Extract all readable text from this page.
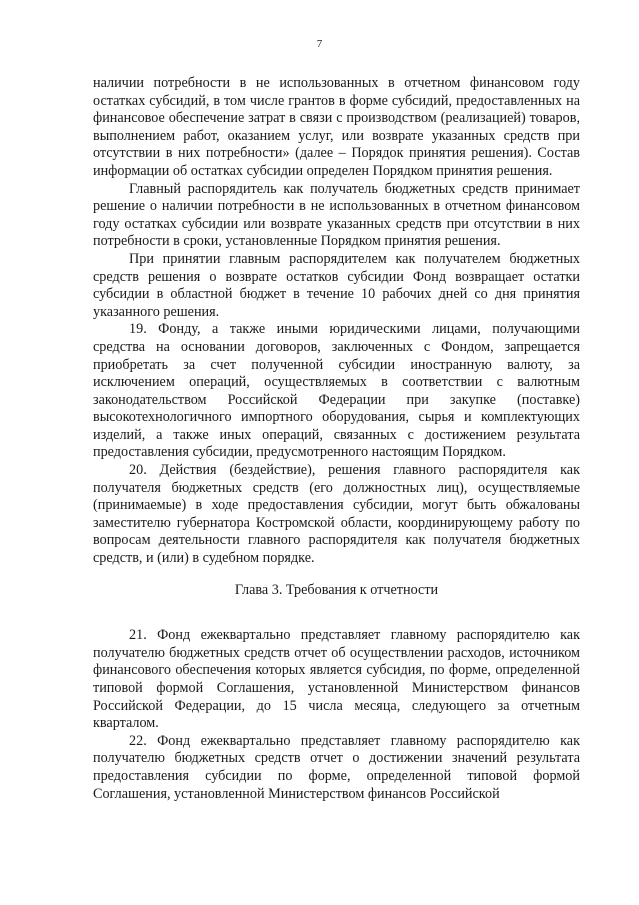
7

наличии потребности в не использованных в отчетном финансовом году остатках субсидий, в том числе грантов в форме субсидий, предоставленных на финансовое обеспечение затрат в связи с производством (реализацией) товаров, выполнением работ, оказанием услуг, или возврате указанных средств при отсутствии в них потребности» (далее – Порядок принятия решения). Состав информации об остатках субсидии определен Порядком принятия решения.

Главный распорядитель как получатель бюджетных средств принимает решение о наличии потребности в не использованных в отчетном финансовом году остатках субсидии или возврате указанных средств при отсутствии в них потребности в сроки, установленные Порядком принятия решения.

При принятии главным распорядителем как получателем бюджетных средств решения о возврате остатков субсидии Фонд возвращает остатки субсидии в областной бюджет в течение 10 рабочих дней со дня принятия указанного решения.

19. Фонду, а также иными юридическими лицами, получающими средства на основании договоров, заключенных с Фондом, запрещается приобретать за счет полученной субсидии иностранную валюту, за исключением операций, осуществляемых в соответствии с валютным законодательством Российской Федерации при закупке (поставке) высокотехнологичного импортного оборудования, сырья и комплектующих изделий, а также иных операций, связанных с достижением результата предоставления субсидии, предусмотренного настоящим Порядком.

20. Действия (бездействие), решения главного распорядителя как получателя бюджетных средств (его должностных лиц), осуществляемые (принимаемые) в ходе предоставления субсидии, могут быть обжалованы заместителю губернатора Костромской области, координирующему работу по вопросам деятельности главного распорядителя как получателя бюджетных средств, и (или) в судебном порядке.

Глава 3. Требования к отчетности

21. Фонд ежеквартально представляет главному распорядителю как получателю бюджетных средств отчет об осуществлении расходов, источником финансового обеспечения которых является субсидия, по форме, определенной типовой формой Соглашения, установленной Министерством финансов Российской Федерации, до 15 числа месяца, следующего за отчетным кварталом.

22. Фонд ежеквартально представляет главному распорядителю как получателю бюджетных средств отчет о достижении значений результата предоставления субсидии по форме, определенной типовой формой Соглашения, установленной Министерством финансов Российской
